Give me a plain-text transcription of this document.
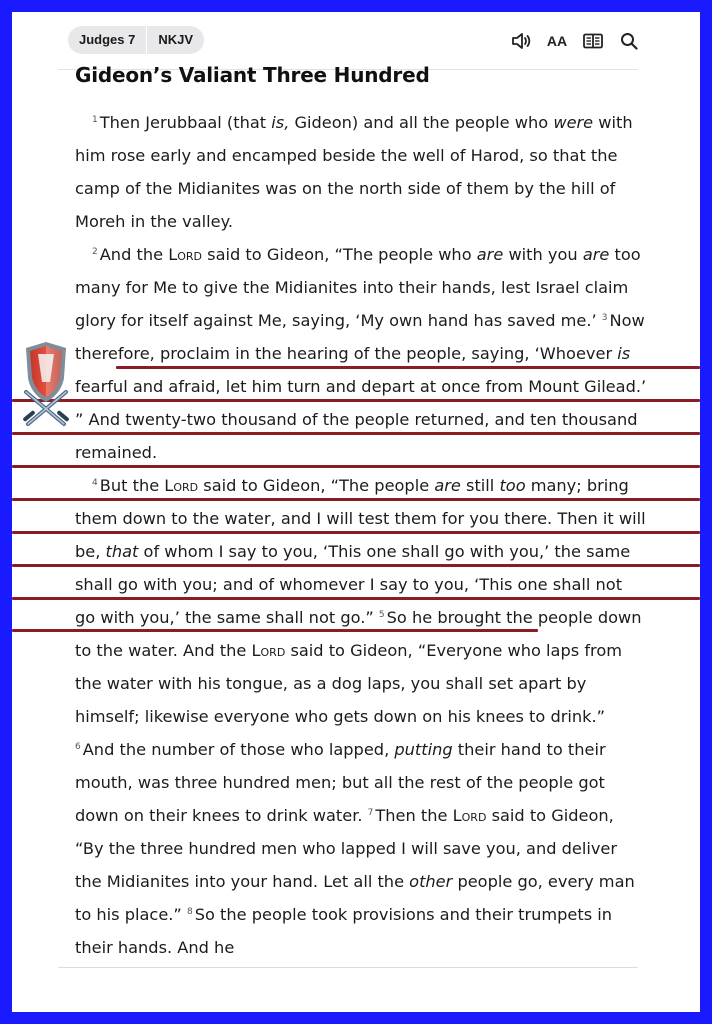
Judges 7	NKJV	AA
Gideon’s Valiant Three Hundred

$^1$ Then Jerubbaal (that is, Gideon) and all the people who were with him rose early and encamped beside the well of Harod, so that the camp of the Midianites was on the north side of them by the hill of Moreh in the valley.

$^2$ And the Lord said to Gideon, “The people who are with you are too many for Me to give the Midianites into their hands, lest Israel claim glory for itself against Me, saying, ‘My own hand has saved me.’ $^3$ Now therefore, proclaim in the hearing of the people, saying, ‘Whoever is fearful and afraid, let him turn and depart at once from Mount Gilead.’ ” And twenty-two thousand of the people returned, and ten thousand remained.

$^4$ But the Lord said to Gideon, “The people are still too many; bring them down to the water, and I will test them for you there. Then it will be, that of whom I say to you, ‘This one shall go with you,’ the same shall go with you; and of whomever I say to you, ‘This one shall not go with you,’ the same shall not go.” $^5$ So he brought the people down to the water. And the Lord said to Gideon, “Everyone who laps from the water with his tongue, as a dog laps, you shall set apart by himself; likewise everyone who gets down on his knees to drink.” $^6$ And the number of those who lapped, putting their hand to their mouth, was three hundred men; but all the rest of the people got down on their knees to drink water. $^7$ Then the Lord said to Gideon, “By the three hundred men who lapped I will save you, and deliver the Midianites into your hand. Let all the other people go, every man to his place.” $^8$ So the people took provisions and their trumpets in their hands. And he
